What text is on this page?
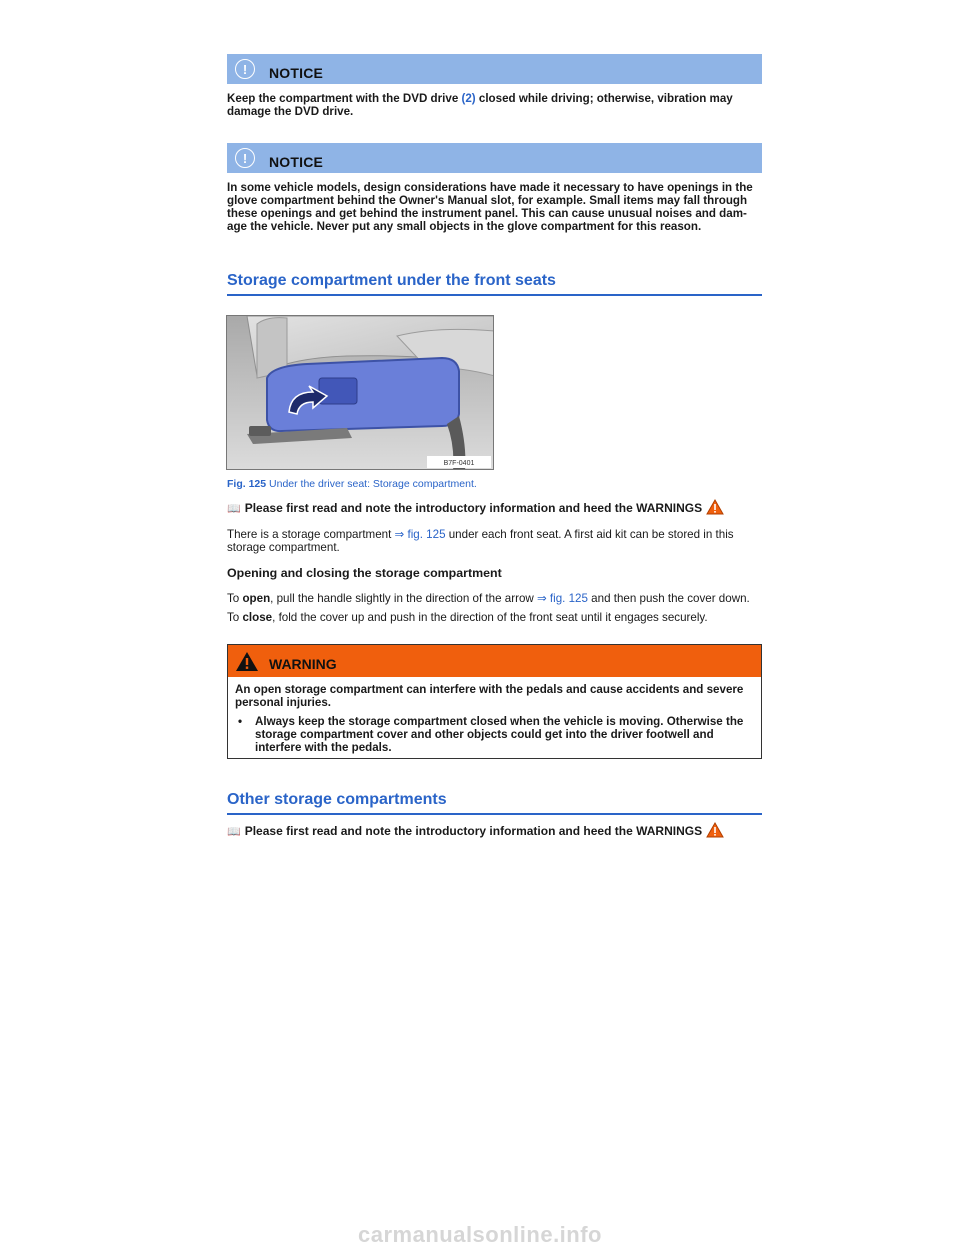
!	NOTICE

Keep the compartment with the DVD drive (2) closed while driving; otherwise, vibration may damage the DVD drive.

!	NOTICE

In some vehicle models, design considerations have made it necessary to have openings in the glove compartment behind the Owner's Manual slot, for example. Small items may fall through these openings and get behind the instrument panel. This can cause unusual noises and dam-age the vehicle. Never put any small objects in the glove compartment for this reason.

Storage compartment under the front seats
B7F-0401

Fig. 125 Under the driver seat: Storage compartment.

📖 Please first read and note the introductory information and heed the WARNINGS

There is a storage compartment ⇒ fig. 125 under each front seat. A first aid kit can be stored in this storage compartment.

Opening and closing the storage compartment

To open, pull the handle slightly in the direction of the arrow ⇒ fig. 125 and then push the cover down.

To close, fold the cover up and push in the direction of the front seat until it engages securely.

WARNING

An open storage compartment can interfere with the pedals and cause accidents and severe personal injuries.

•	Always keep the storage compartment closed when the vehicle is moving. Otherwise the storage compartment cover and other objects could get into the driver footwell and interfere with the pedals.

Other storage compartments
📖 Please first read and note the introductory information and heed the WARNINGS
carmanualsonline.info
